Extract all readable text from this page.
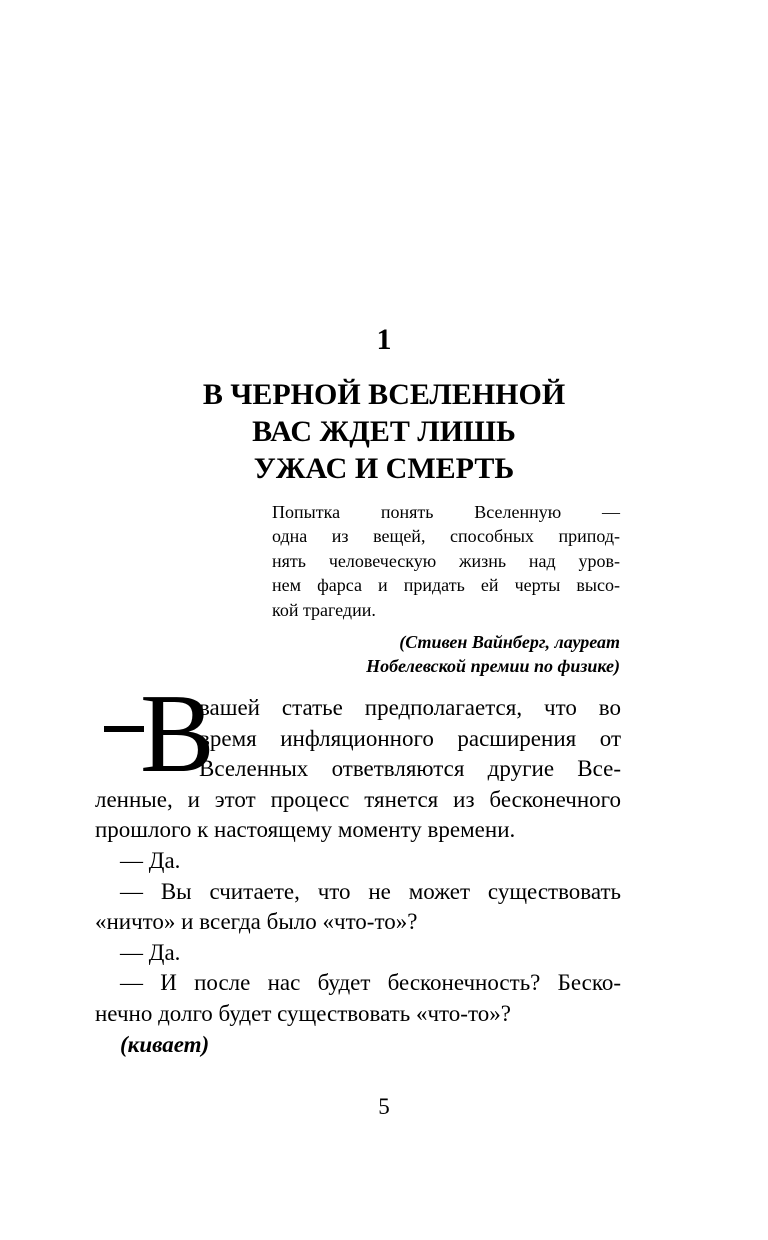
1
В ЧЕРНОЙ ВСЕЛЕННОЙ
ВАС ЖДЕТ ЛИШЬ
УЖАС И СМЕРТЬ
Попытка понять Вселенную —
одна из вещей, способных припод-
нять человеческую жизнь над уров-
нем фарса и придать ей черты высо-
кой трагедии.
(Стивен Вайнберг, лауреат
Нобелевской премии по физике)
В
вашей статье предполагается, что во
время инфляционного расширения от
Вселенных ответвляются другие Все-
ленные, и этот процесс тянется из бесконечного
прошлого к настоящему моменту времени.
— Да.
— Вы считаете, что не может существовать
«ничто» и всегда было «что-то»?
— Да.
— И после нас будет бесконечность? Беско-
нечно долго будет существовать «что-то»?
(кивает)
5
